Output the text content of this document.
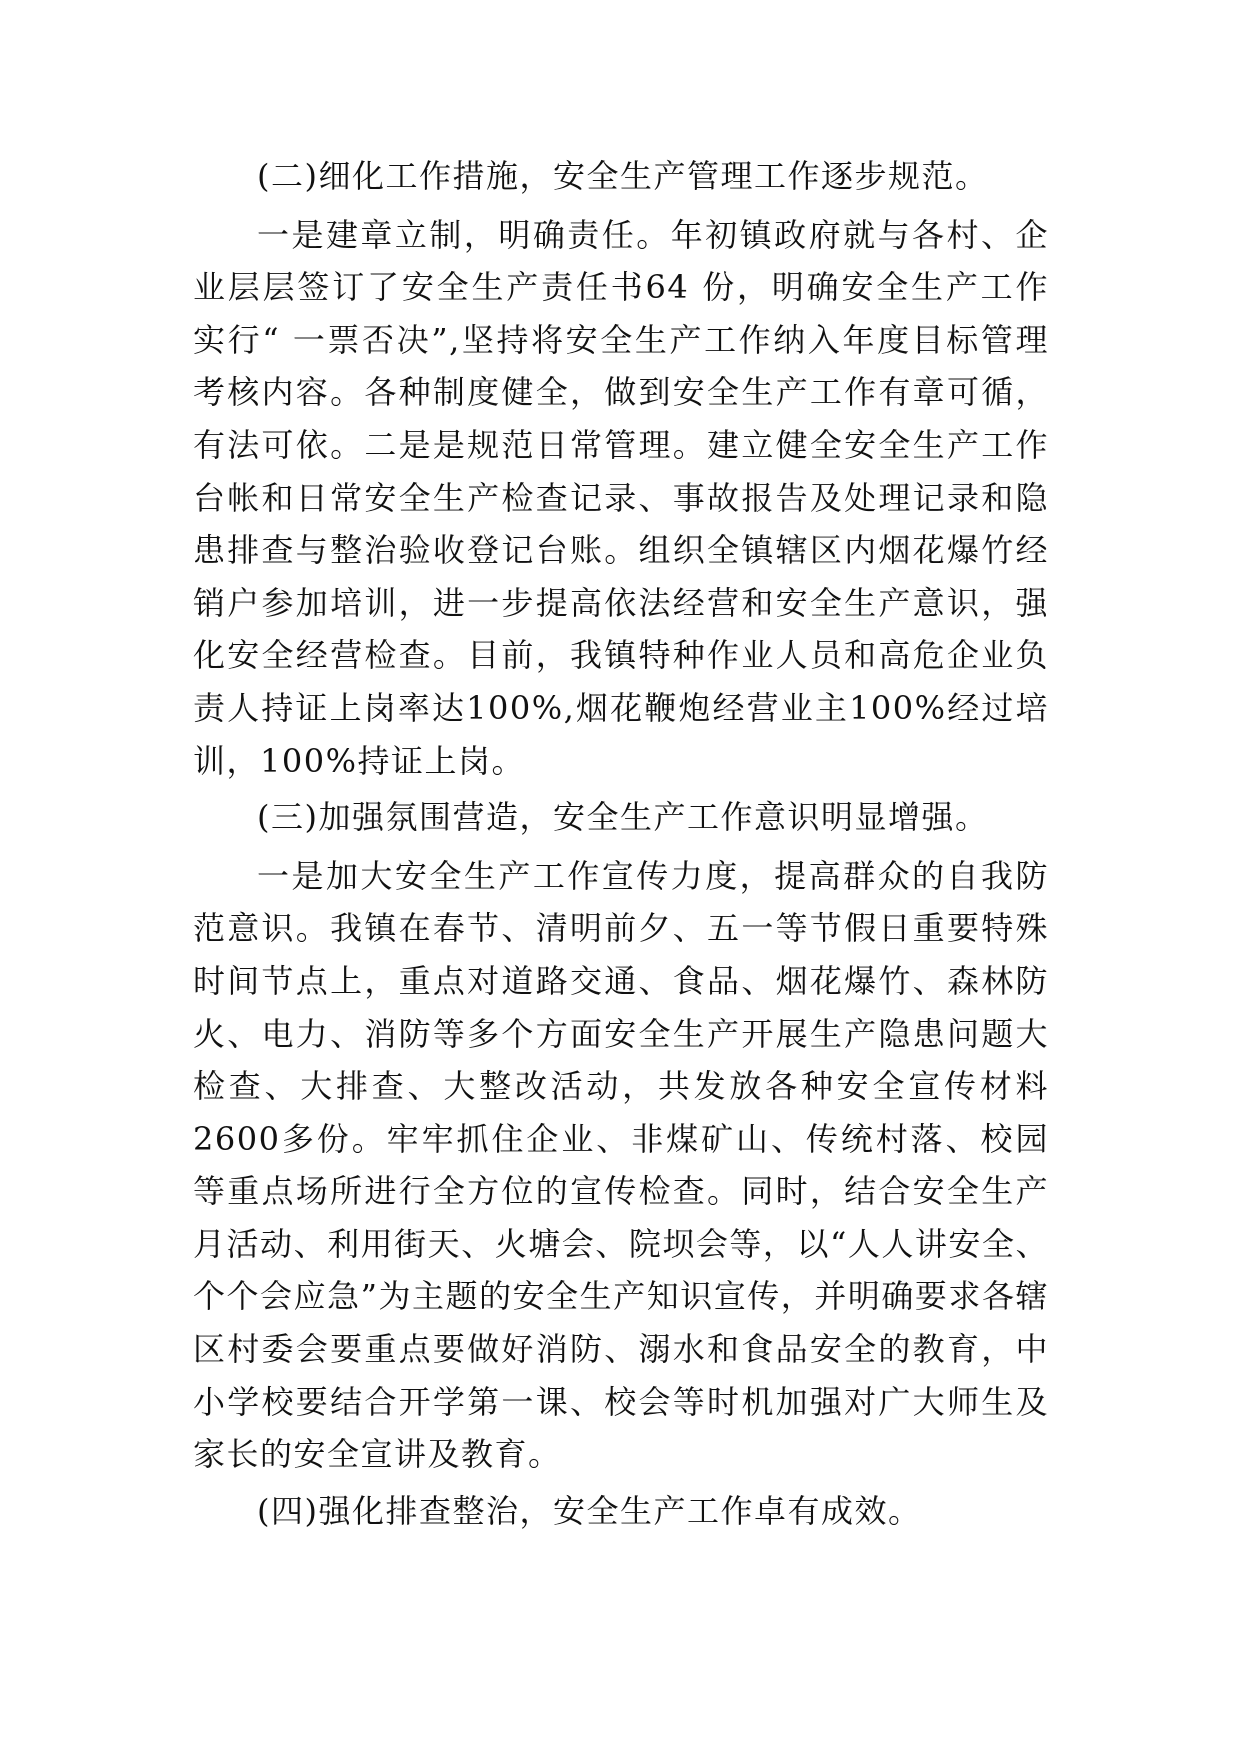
(二)细化工作措施，安全生产管理工作逐步规范。

一是建章立制，明确责任。年初镇政府就与各村、企业层层签订了安全生产责任书64 份，明确安全生产工作实行“ 一票否决”,坚持将安全生产工作纳入年度目标管理考核内容。各种制度健全，做到安全生产工作有章可循，有法可依。二是是规范日常管理。建立健全安全生产工作台帐和日常安全生产检查记录、事故报告及处理记录和隐患排查与整治验收登记台账。组织全镇辖区内烟花爆竹经销户参加培训，进一步提高依法经营和安全生产意识，强化安全经营检查。目前，我镇特种作业人员和高危企业负责人持证上岗率达100%,烟花鞭炮经营业主100%经过培训，100%持证上岗。

(三)加强氛围营造，安全生产工作意识明显增强。

一是加大安全生产工作宣传力度，提高群众的自我防范意识。我镇在春节、清明前夕、五一等节假日重要特殊时间节点上，重点对道路交通、食品、烟花爆竹、森林防火、电力、消防等多个方面安全生产开展生产隐患问题大检查、大排查、大整改活动，共发放各种安全宣传材料2600多份。牢牢抓住企业、非煤矿山、传统村落、校园等重点场所进行全方位的宣传检查。同时，结合安全生产月活动、利用街天、火塘会、院坝会等，以“人人讲安全、个个会应急”为主题的安全生产知识宣传，并明确要求各辖区村委会要重点要做好消防、溺水和食品安全的教育，中小学校要结合开学第一课、校会等时机加强对广大师生及家长的安全宣讲及教育。

(四)强化排查整治，安全生产工作卓有成效。
